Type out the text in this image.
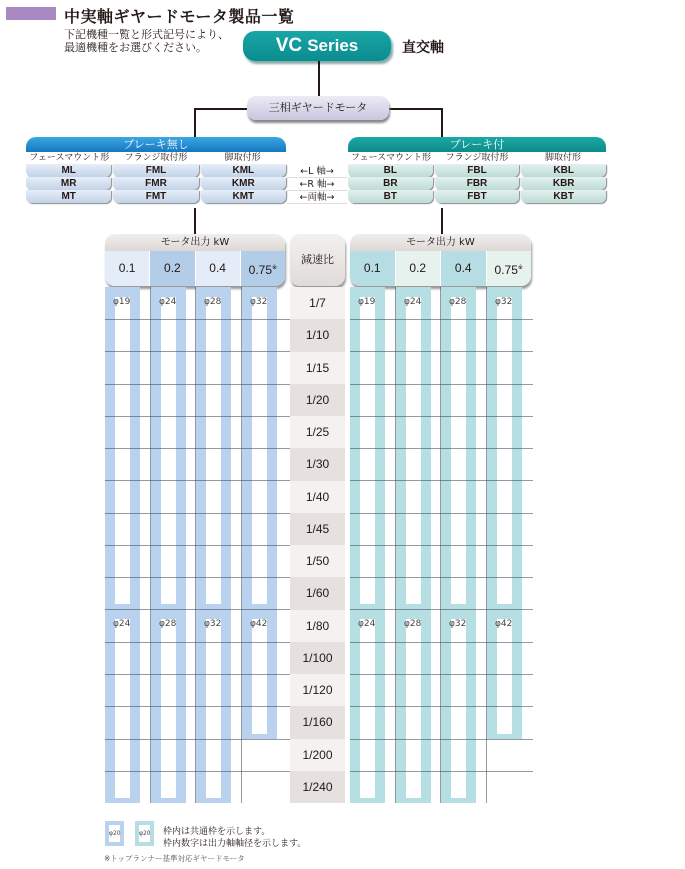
中実軸ギヤードモータ製品一覧
下記機種一覧と形式記号により、
最適機種をお選びください。	VC Series	直交軸
三相ギヤードモータ
ブレーキ無し
フェースマウント形	フランジ取付形	脚取付形
ML	FML	KML
MR	FMR	KMR
MT	FMT	KMT
←L 軸→
←R 軸→
←両軸→
ブレーキ付
フェースマウント形	フランジ取付形	脚取付形
BL	FBL	KBL
BR	FBR	KBR
BT	FBT	KBT
モータ出力 kW
0.1	0.2	0.4	0.75※
減速比
モータ出力 kW
0.1	0.2	0.4	0.75※
φ19	φ24	φ28	φ32
φ24	φ28	φ32	φ42
1/7
1/10
1/15
1/20
1/25
1/30
1/40
1/45
1/50
1/60
1/80
1/100
1/120
1/160
1/200
1/240
φ19	φ24	φ28	φ32
φ24	φ28	φ32	φ42
φ20	φ20 枠内は共通枠を示します。
枠内数字は出力軸軸径を示します。
※トップランナー基準対応ギヤードモータ
